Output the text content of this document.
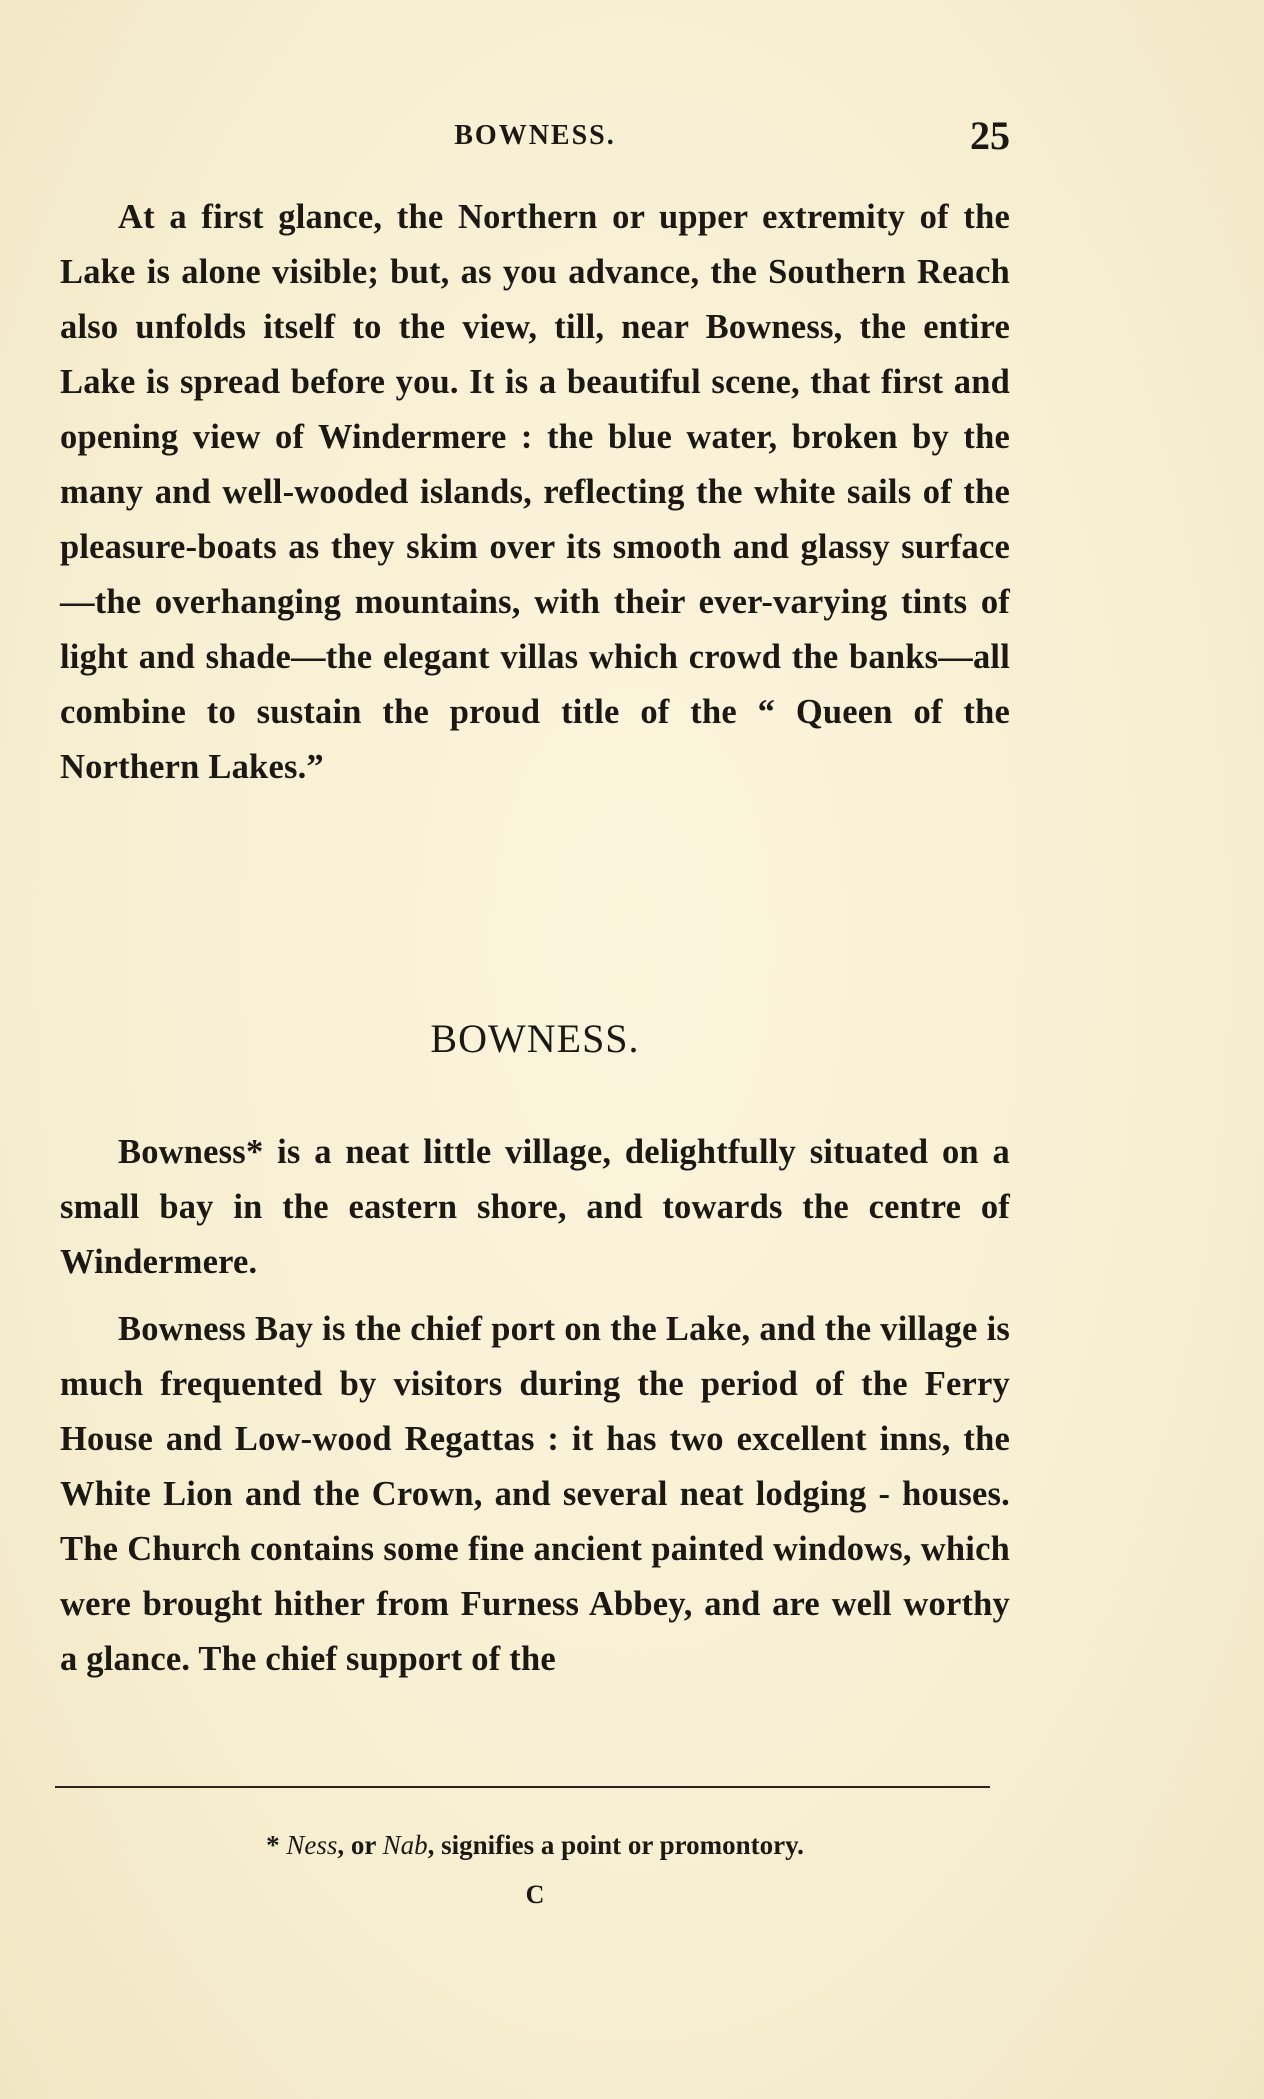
BOWNESS.	25

At a first glance, the Northern or upper extremity of the Lake is alone visible; but, as you advance, the Southern Reach also unfolds itself to the view, till, near Bowness, the entire Lake is spread before you. It is a beautiful scene, that first and opening view of Windermere : the blue water, broken by the many and well-wooded islands, reflecting the white sails of the pleasure-boats as they skim over its smooth and glassy surface—the overhanging mountains, with their ever-varying tints of light and shade—the elegant villas which crowd the banks—all combine to sustain the proud title of the “ Queen of the Northern Lakes.”

BOWNESS.

Bowness* is a neat little village, delightfully situated on a small bay in the eastern shore, and towards the centre of Windermere.

Bowness Bay is the chief port on the Lake, and the village is much frequented by visitors during the period of the Ferry House and Low-wood Regattas : it has two excellent inns, the White Lion and the Crown, and several neat lodging - houses. The Church contains some fine ancient painted windows, which were brought hither from Furness Abbey, and are well worthy a glance. The chief support of the

* Ness, or Nab, signifies a point or promontory.
C
